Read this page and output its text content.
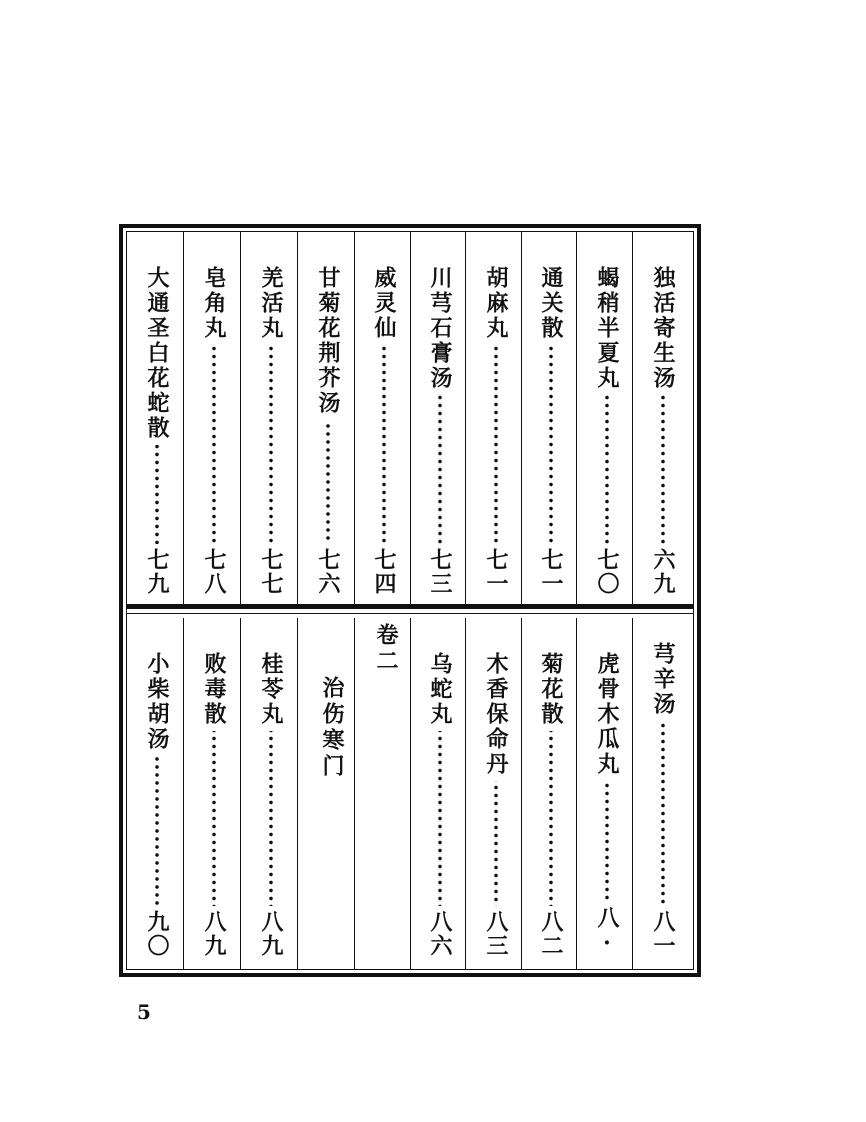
独活寄生汤
六九
蝎稍半夏丸
七〇
通关散
七一
胡麻丸
七一
川芎石膏汤
七三
威灵仙
七四
甘菊花荆芥汤
七六
羌活丸
七七
皂角丸
七八
大通圣白花蛇散
七九
芎辛汤
八一
虎骨木瓜丸
八·
菊花散
八二
木香保命丹
八三
乌蛇丸
八六
卷二
治伤寒门
桂苓丸
八九
败毒散
八九
小柴胡汤
九〇
5
